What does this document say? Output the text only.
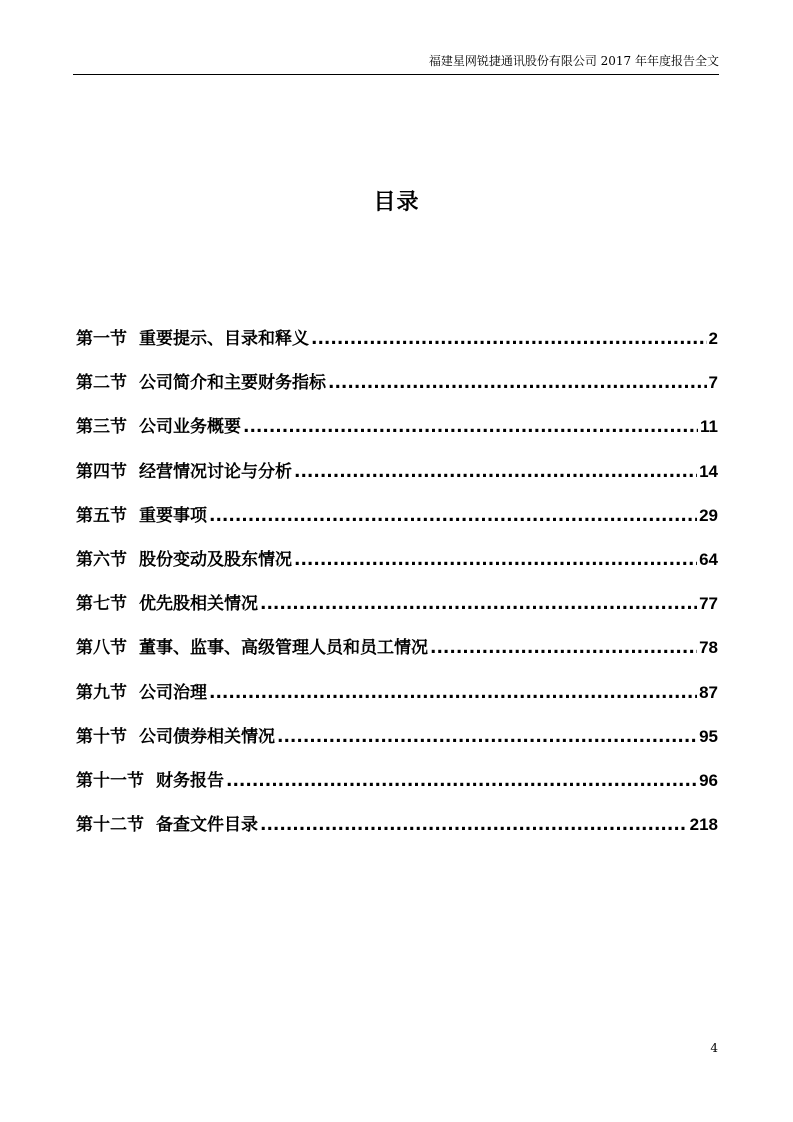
福建星网锐捷通讯股份有限公司 2017 年年度报告全文
目录
第一节 重要提示、目录和释义 .....	2
第二节 公司简介和主要财务指标 .....	7
第三节 公司业务概要 .....	11
第四节 经营情况讨论与分析 .....	14
第五节 重要事项 .....	29
第六节 股份变动及股东情况 .....	64
第七节 优先股相关情况 .....	77
第八节 董事、监事、高级管理人员和员工情况 .....	78
第九节 公司治理 .....	87
第十节 公司债券相关情况 .....	95
第十一节 财务报告 .....	96
第十二节 备查文件目录 .....	218
4
